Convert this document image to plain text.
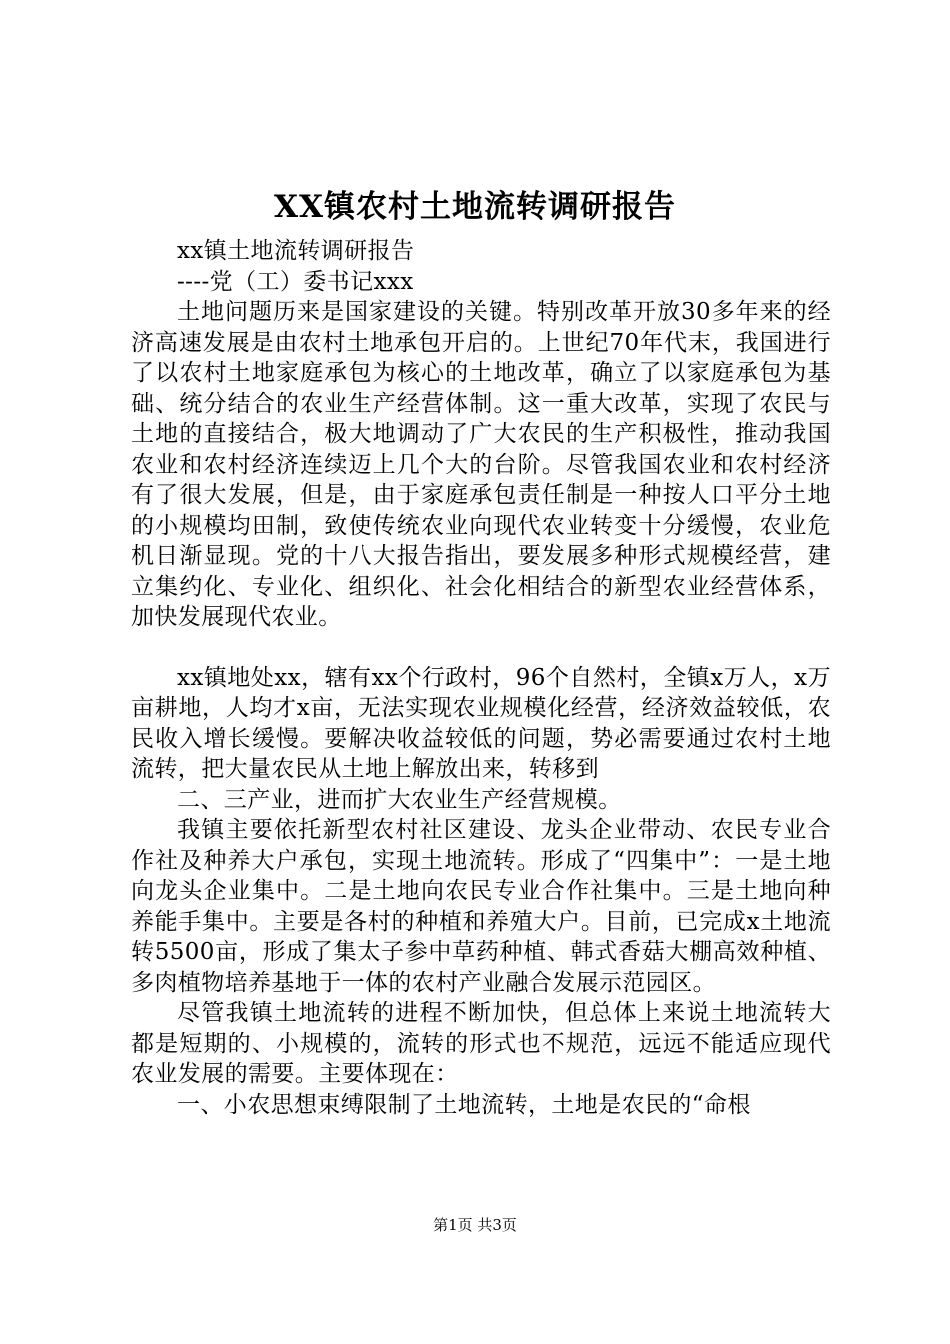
XX镇农村土地流转调研报告

xx镇土地流转调研报告

----党（工）委书记xxx

土地问题历来是国家建设的关键。特别改革开放30多年来的经济高速发展是由农村土地承包开启的。上世纪70年代末，我国进行了以农村土地家庭承包为核心的土地改革，确立了以家庭承包为基础、统分结合的农业生产经营体制。这一重大改革，实现了农民与土地的直接结合，极大地调动了广大农民的生产积极性，推动我国农业和农村经济连续迈上几个大的台阶。尽管我国农业和农村经济有了很大发展，但是，由于家庭承包责任制是一种按人口平分土地的小规模均田制，致使传统农业向现代农业转变十分缓慢，农业危机日渐显现。党的十八大报告指出，要发展多种形式规模经营，建立集约化、专业化、组织化、社会化相结合的新型农业经营体系，加快发展现代农业。

xx镇地处xx，辖有xx个行政村，96个自然村，全镇x万人，x万亩耕地，人均才x亩，无法实现农业规模化经营，经济效益较低，农民收入增长缓慢。要解决收益较低的问题，势必需要通过农村土地流转，把大量农民从土地上解放出来，转移到

二、三产业，进而扩大农业生产经营规模。

我镇主要依托新型农村社区建设、龙头企业带动、农民专业合作社及种养大户承包，实现土地流转。形成了“四集中”：一是土地向龙头企业集中。二是土地向农民专业合作社集中。三是土地向种养能手集中。主要是各村的种植和养殖大户。目前，已完成x土地流转5500亩，形成了集太子参中草药种植、韩式香菇大棚高效种植、多肉植物培养基地于一体的农村产业融合发展示范园区。

尽管我镇土地流转的进程不断加快，但总体上来说土地流转大都是短期的、小规模的，流转的形式也不规范，远远不能适应现代农业发展的需要。主要体现在：

一、小农思想束缚限制了土地流转，土地是农民的“命根

第1页 共3页
